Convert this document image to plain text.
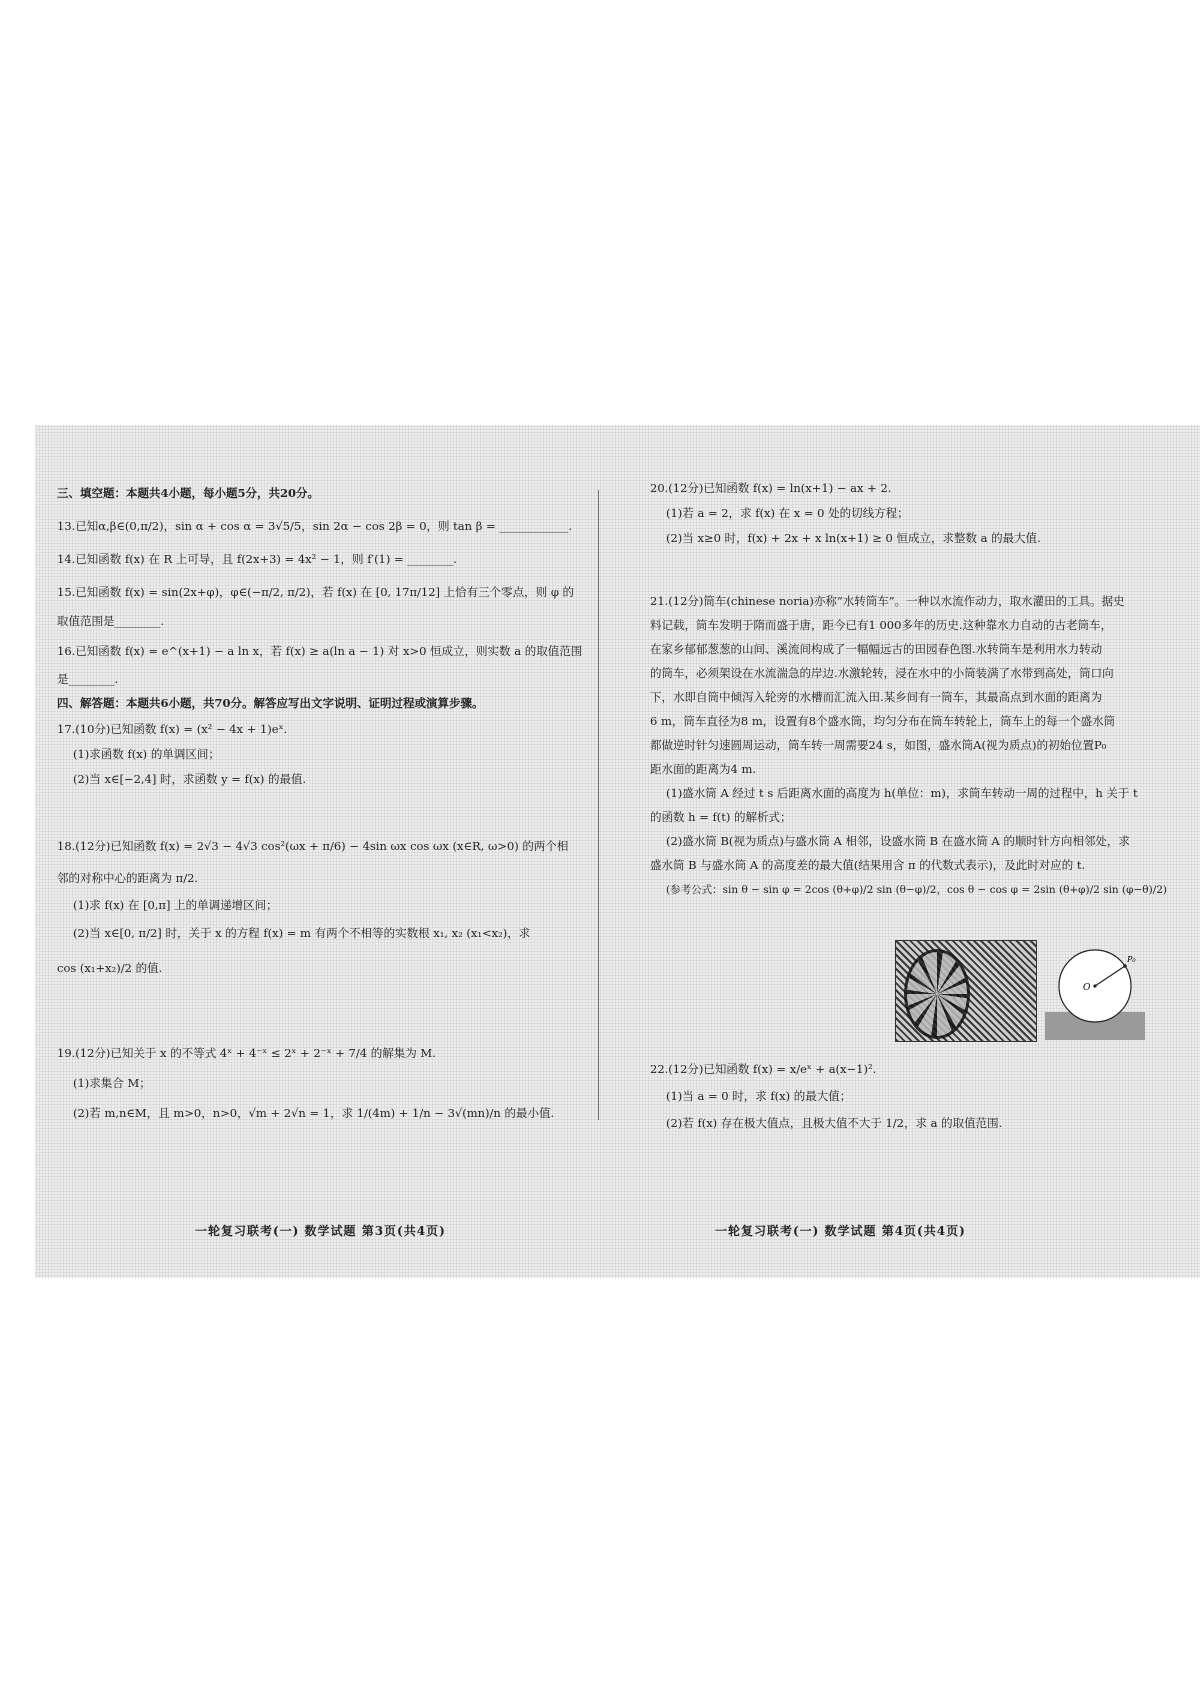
三、填空题：本题共4小题，每小题5分，共20分。

13.已知α,β∈(0,π/2)，sin α + cos α = 3√5/5，sin 2α − cos 2β = 0，则 tan β = ____________.

14.已知函数 f(x) 在 R 上可导，且 f(2x+3) = 4x² − 1，则 f′(1) = ________.

15.已知函数 f(x) = sin(2x+φ)，φ∈(−π/2, π/2)，若 f(x) 在 [0, 17π/12] 上恰有三个零点，则 φ 的

取值范围是________.

16.已知函数 f(x) = e^(x+1) − a ln x，若 f(x) ≥ a(ln a − 1) 对 x>0 恒成立，则实数 a 的取值范围

是________.

四、解答题：本题共6小题，共70分。解答应写出文字说明、证明过程或演算步骤。

17.(10分)已知函数 f(x) = (x² − 4x + 1)eˣ.

(1)求函数 f(x) 的单调区间；

(2)当 x∈[−2,4] 时，求函数 y = f(x) 的最值.

18.(12分)已知函数 f(x) = 2√3 − 4√3 cos²(ωx + π/6) − 4sin ωx cos ωx (x∈R, ω>0) 的两个相

邻的对称中心的距离为 π/2.

(1)求 f(x) 在 [0,π] 上的单调递增区间；

(2)当 x∈[0, π/2] 时，关于 x 的方程 f(x) = m 有两个不相等的实数根 x₁, x₂ (x₁<x₂)，求

cos (x₁+x₂)/2 的值.

19.(12分)已知关于 x 的不等式 4ˣ + 4⁻ˣ ≤ 2ˣ + 2⁻ˣ + 7/4 的解集为 M.

(1)求集合 M；

(2)若 m,n∈M，且 m>0，n>0，√m + 2√n = 1，求 1/(4m) + 1/n − 3√(mn)/n 的最小值.

20.(12分)已知函数 f(x) = ln(x+1) − ax + 2.

(1)若 a = 2，求 f(x) 在 x = 0 处的切线方程；

(2)当 x≥0 时，f(x) + 2x + x ln(x+1) ≥ 0 恒成立，求整数 a 的最大值.

21.(12分)筒车(chinese noria)亦称“水转筒车”。一种以水流作动力，取水灌田的工具。据史

料记载，筒车发明于隋而盛于唐，距今已有1 000多年的历史.这种靠水力自动的古老筒车，

在家乡郁郁葱葱的山间、溪流间构成了一幅幅远古的田园春色图.水转筒车是利用水力转动

的筒车，必须架设在水流湍急的岸边.水激轮转，浸在水中的小筒装满了水带到高处，筒口向

下，水即自筒中倾泻入轮旁的水槽而汇流入田.某乡间有一筒车，其最高点到水面的距离为

6 m，筒车直径为8 m，设置有8个盛水筒，均匀分布在筒车转轮上，筒车上的每一个盛水筒

都做逆时针匀速圆周运动，筒车转一周需要24 s，如图，盛水筒A(视为质点)的初始位置P₀

距水面的距离为4 m.

(1)盛水筒 A 经过 t s 后距离水面的高度为 h(单位：m)，求筒车转动一周的过程中，h 关于 t

的函数 h = f(t) 的解析式；

(2)盛水筒 B(视为质点)与盛水筒 A 相邻，设盛水筒 B 在盛水筒 A 的顺时针方向相邻处，求

盛水筒 B 与盛水筒 A 的高度差的最大值(结果用含 π 的代数式表示)，及此时对应的 t.

(参考公式：sin θ − sin φ = 2cos (θ+φ)/2 sin (θ−φ)/2，cos θ − cos φ = 2sin (θ+φ)/2 sin (φ−θ)/2)

O
P₀

22.(12分)已知函数 f(x) = x/eˣ + a(x−1)².

(1)当 a = 0 时，求 f(x) 的最大值；

(2)若 f(x) 存在极大值点，且极大值不大于 1/2，求 a 的取值范围.

一轮复习联考(一) 数学试题 第3页(共4页)	一轮复习联考(一) 数学试题 第4页(共4页)
